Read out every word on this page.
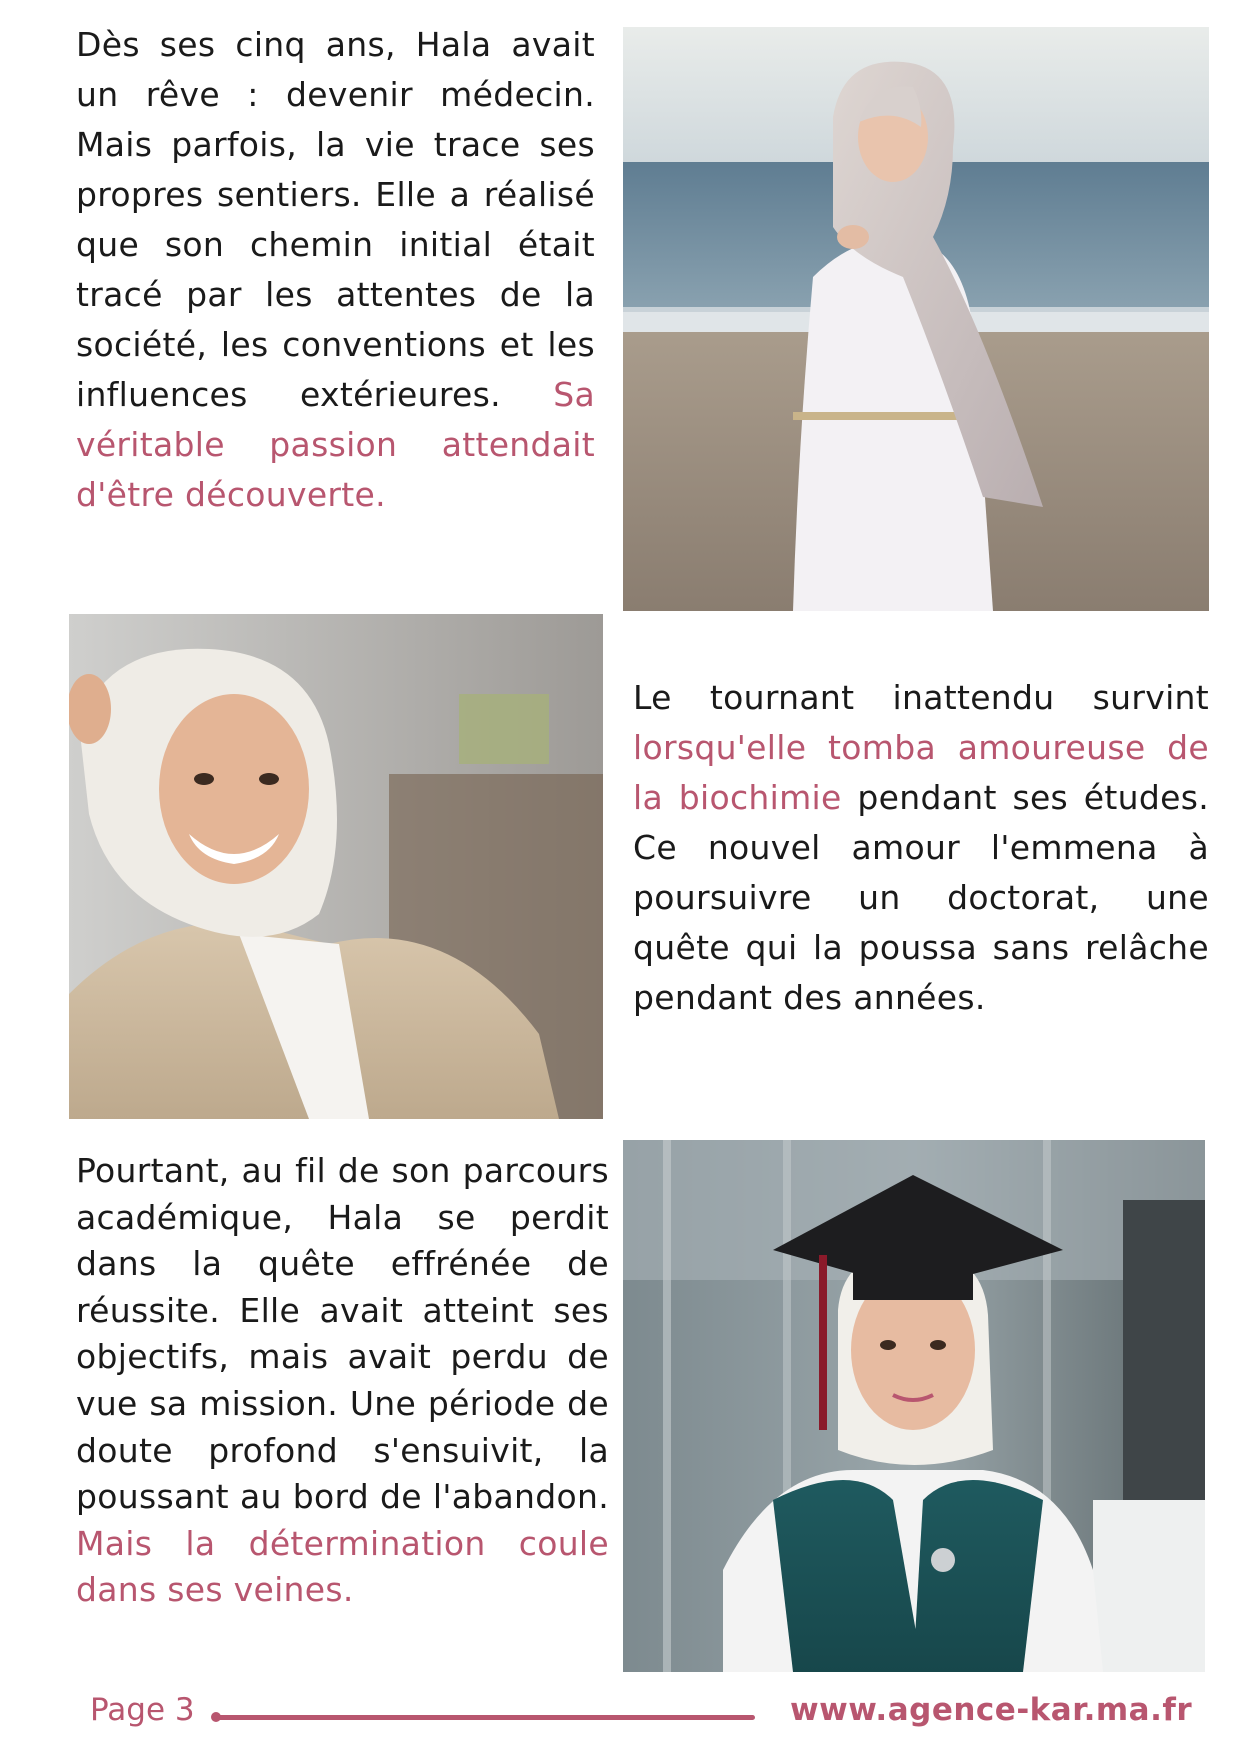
Dès ses cinq ans, Hala avait un rêve : devenir médecin. Mais parfois, la vie trace ses propres sentiers. Elle a réalisé que son chemin initial était tracé par les attentes de la société, les conventions et les influences extérieures. Sa véritable passion attendait d'être découverte.
Le tournant inattendu survint lorsqu'elle tomba amoureuse de la biochimie pendant ses études. Ce nouvel amour l'emmena à poursuivre un doctorat, une quête qui la poussa sans relâche pendant des années.
Pourtant, au fil de son parcours académique, Hala se perdit dans la quête effrénée de réussite. Elle avait atteint ses objectifs, mais avait perdu de vue sa mission. Une période de doute profond s'ensuivit, la poussant au bord de l'abandon. Mais la détermination coule dans ses veines.
Page 3	www.agence-kar.ma.fr
